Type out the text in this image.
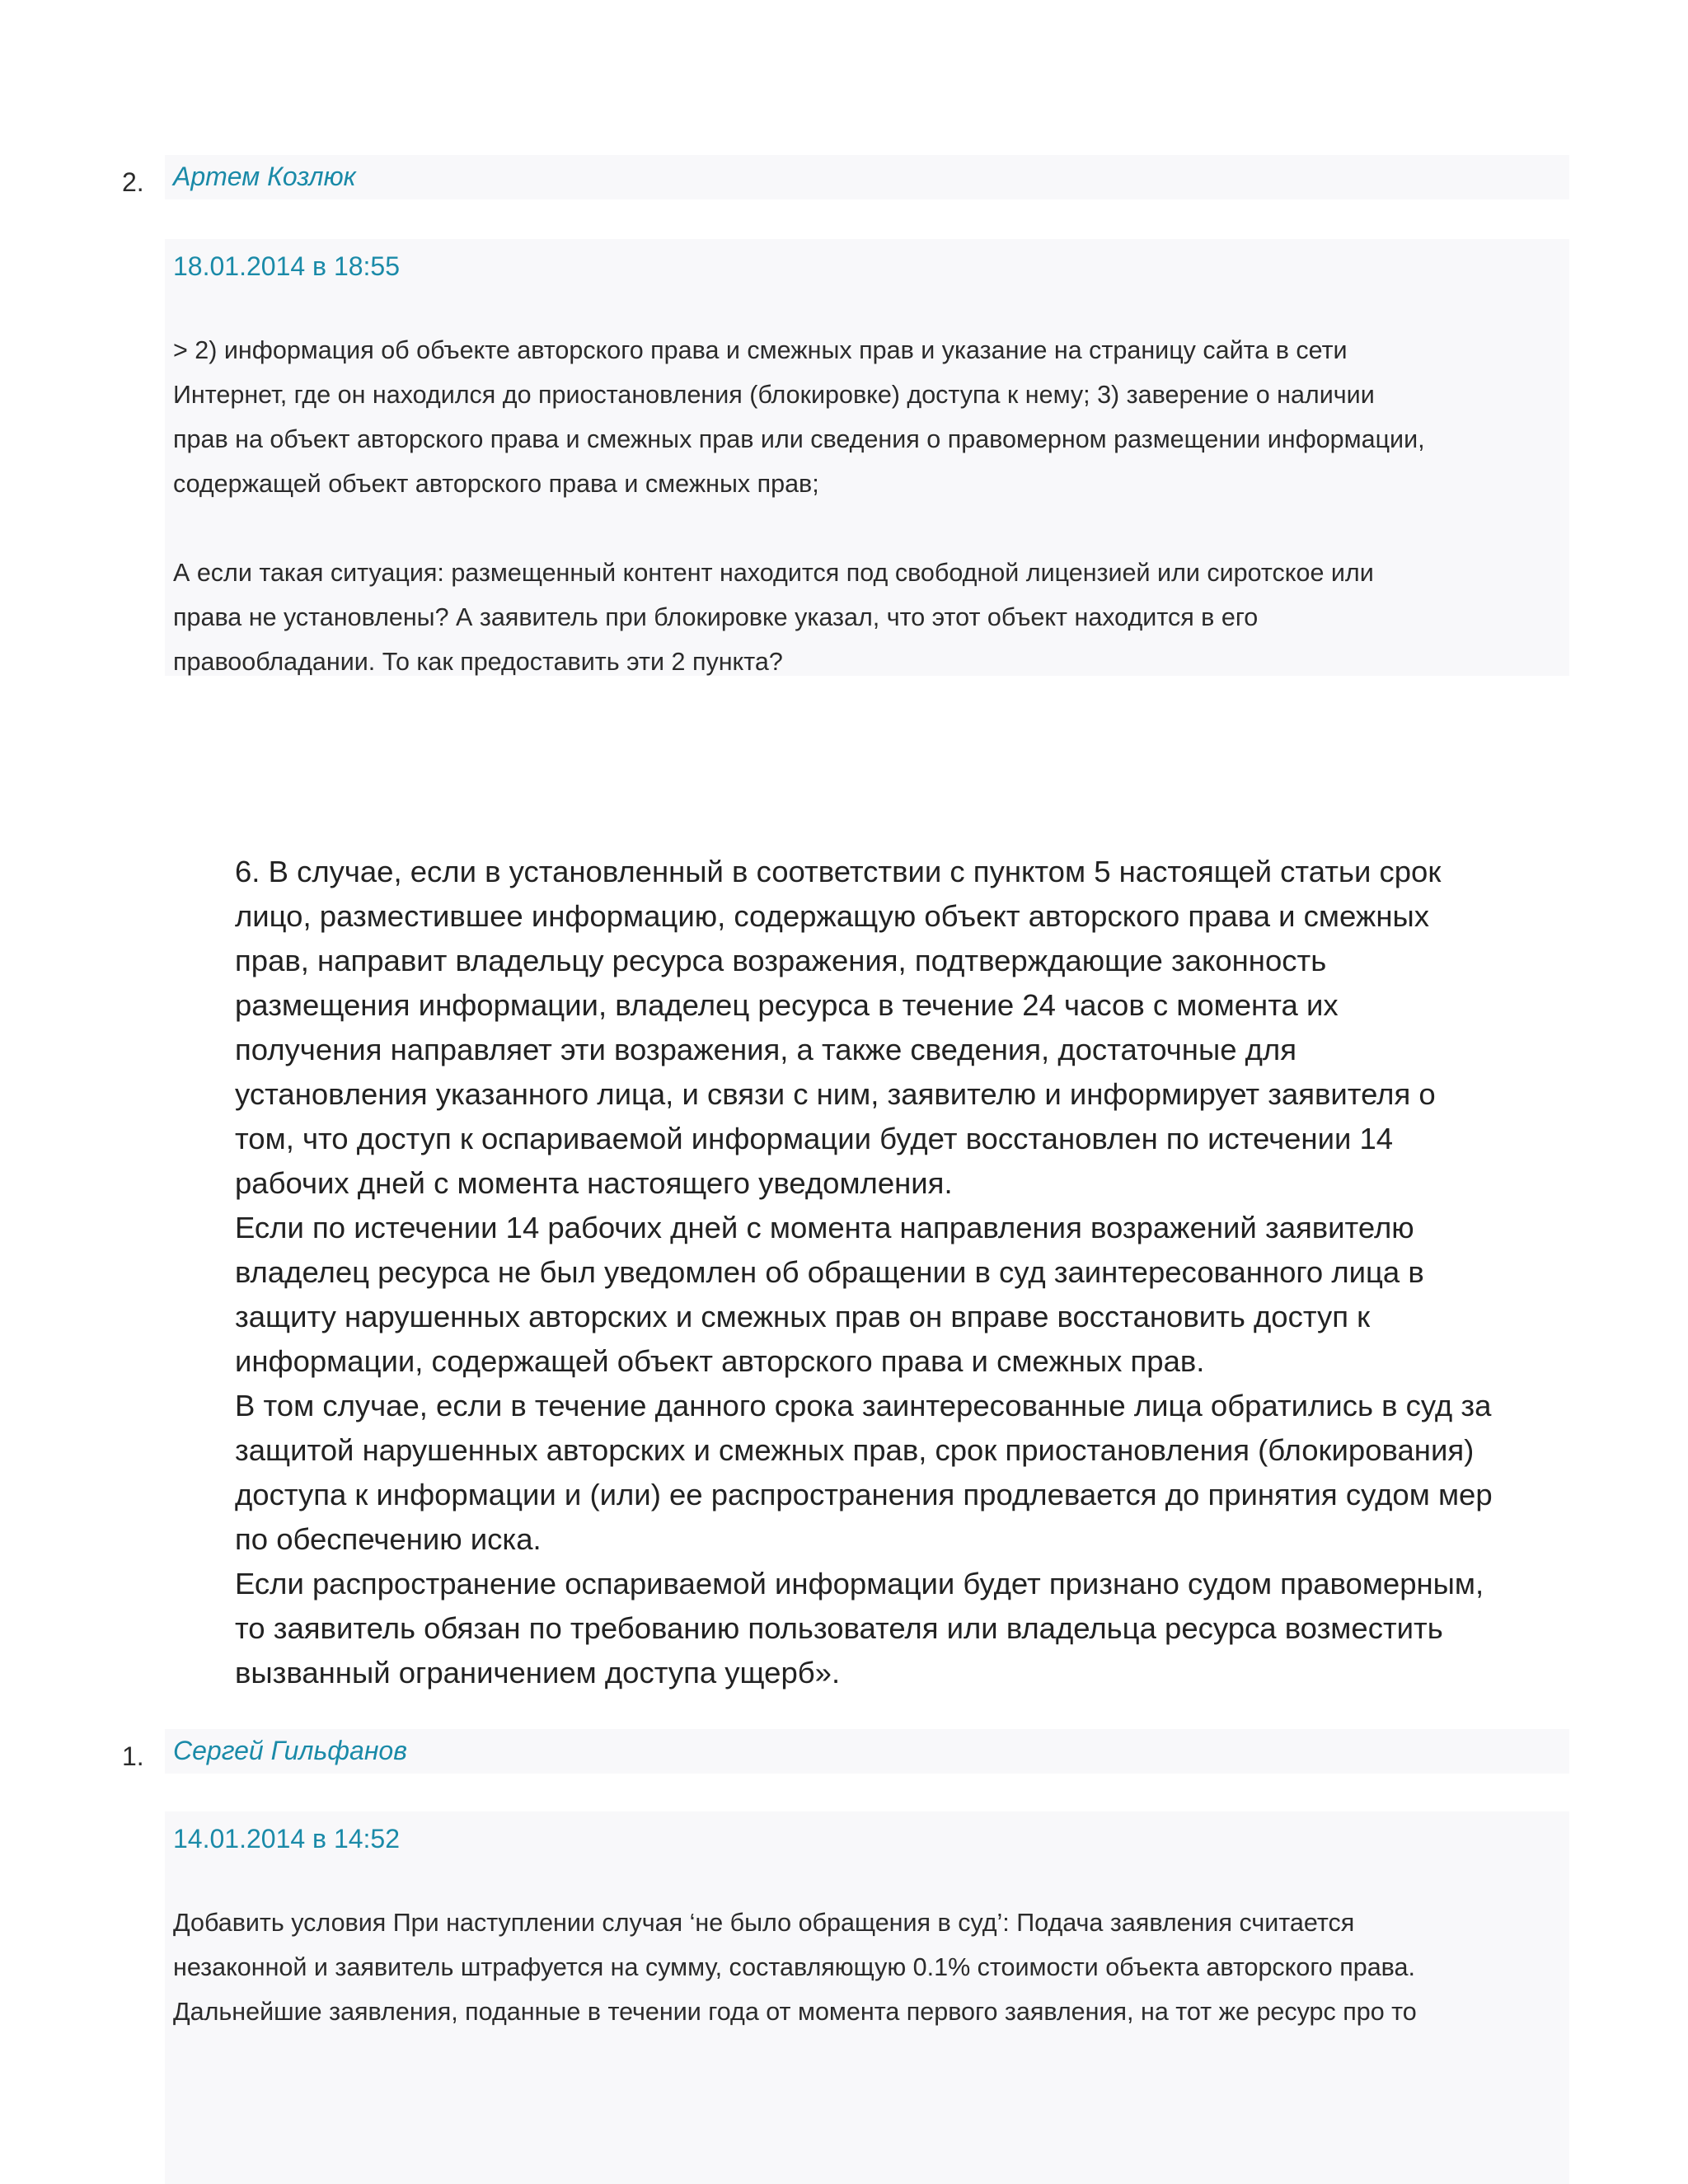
2. Артем Козлюк
18.01.2014 в 18:55
> 2) информация об объекте авторского права и смежных прав и указание на страницу сайта в сети
Интернет, где он находился до приостановления (блокировке) доступа к нему; 3) заверение о наличии
прав на объект авторского права и смежных прав или сведения о правомерном размещении информации,
содержащей объект авторского права и смежных прав;
А если такая ситуация: размещенный контент находится под свободной лицензией или сиротское или
права не установлены? А заявитель при блокировке указал, что этот объект находится в его
правообладании. То как предоставить эти 2 пункта?
6. В случае, если в установленный в соответствии с пунктом 5 настоящей статьи срок
лицо, разместившее информацию, содержащую объект авторского права и смежных
прав, направит владельцу ресурса возражения, подтверждающие законность
размещения информации, владелец ресурса в течение 24 часов с момента их
получения направляет эти возражения, а также сведения, достаточные для
установления указанного лица, и связи с ним, заявителю и информирует заявителя о
том, что доступ к оспариваемой информации будет восстановлен по истечении 14
рабочих дней с момента настоящего уведомления.
Если по истечении 14 рабочих дней с момента направления возражений заявителю
владелец ресурса не был уведомлен об обращении в суд заинтересованного лица в
защиту нарушенных авторских и смежных прав он вправе восстановить доступ к
информации, содержащей объект авторского права и смежных прав.
В том случае, если в течение данного срока заинтересованные лица обратились в суд за
защитой нарушенных авторских и смежных прав, срок приостановления (блокирования)
доступа к информации и (или) ее распространения продлевается до принятия судом мер
по обеспечению иска.
Если распространение оспариваемой информации будет признано судом правомерным,
то заявитель обязан по требованию пользователя или владельца ресурса возместить
вызванный ограничением доступа ущерб».
1. Сергей Гильфанов
14.01.2014 в 14:52
Добавить условия При наступлении случая ‘не было обращения в суд’: Подача заявления считается
незаконной и заявитель штрафуется на сумму, составляющую 0.1% стоимости объекта авторского права.
Дальнейшие заявления, поданные в течении года от момента первого заявления, на тот же ресурс про то
